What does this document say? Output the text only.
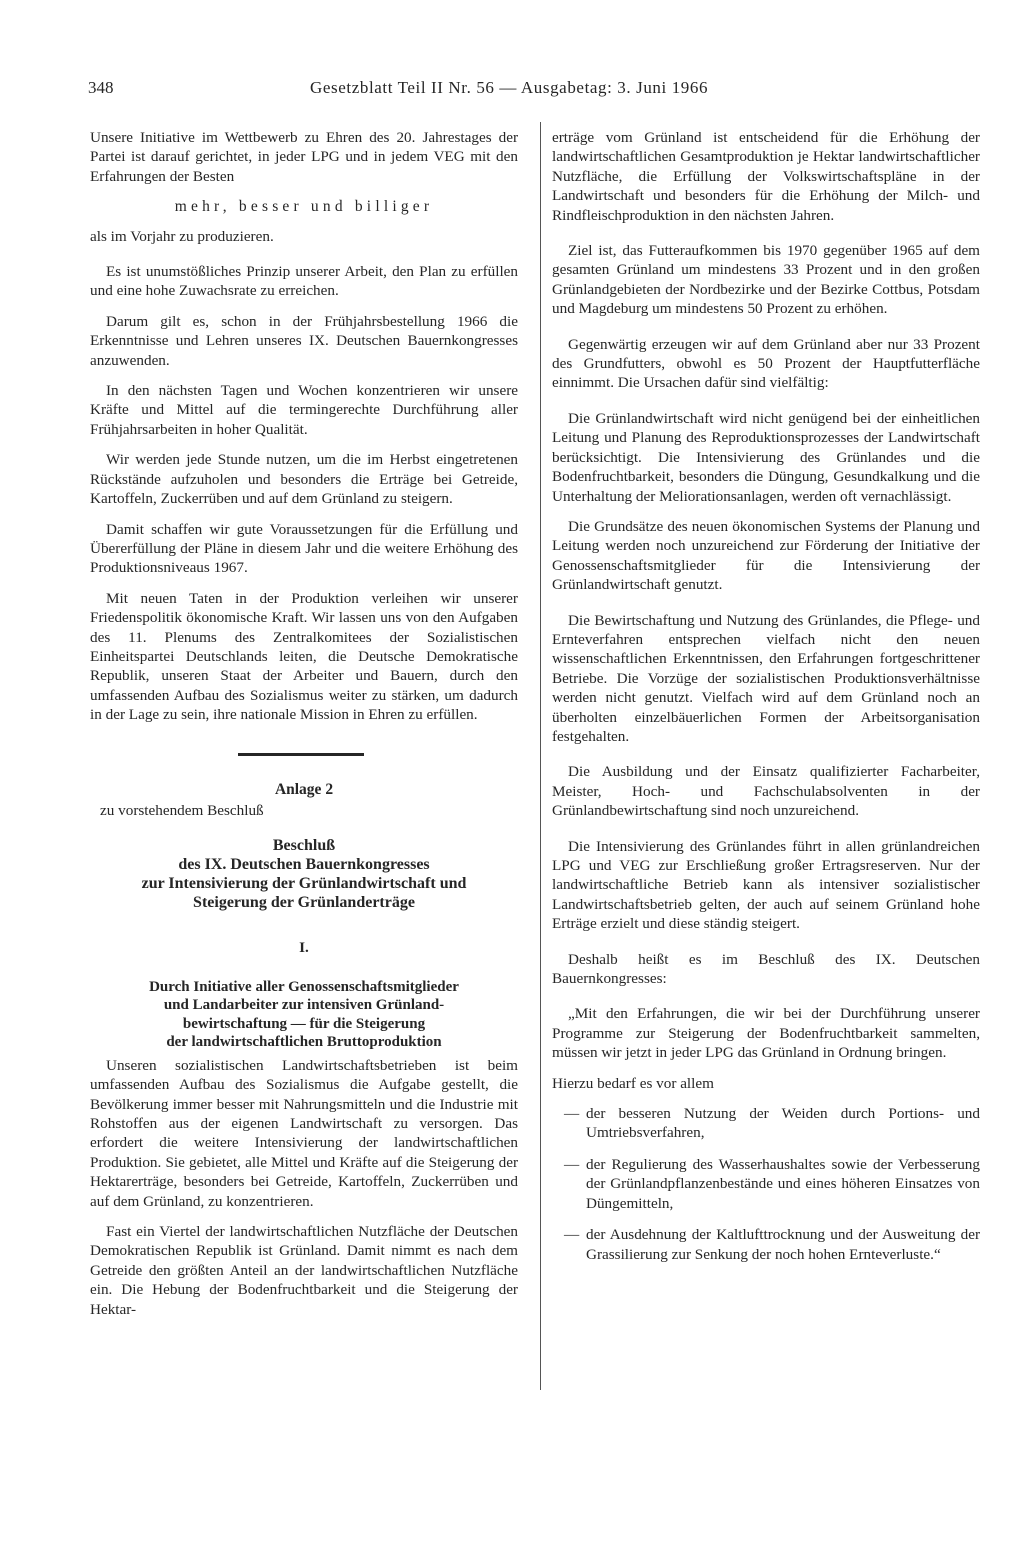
348	Gesetzblatt Teil II Nr. 56 — Ausgabetag: 3. Juni 1966

Unsere Initiative im Wettbewerb zu Ehren des 20. Jahrestages der Partei ist darauf gerichtet, in jeder LPG und in jedem VEG mit den Erfahrungen der Besten

mehr, besser und billiger

als im Vorjahr zu produzieren.

Es ist unumstößliches Prinzip unserer Arbeit, den Plan zu erfüllen und eine hohe Zuwachsrate zu erreichen.

Darum gilt es, schon in der Frühjahrsbestellung 1966 die Erkenntnisse und Lehren unseres IX. Deutschen Bauernkongresses anzuwenden.

In den nächsten Tagen und Wochen konzentrieren wir unsere Kräfte und Mittel auf die termingerechte Durchführung aller Frühjahrsarbeiten in hoher Qualität.

Wir werden jede Stunde nutzen, um die im Herbst eingetretenen Rückstände aufzuholen und besonders die Erträge bei Getreide, Kartoffeln, Zuckerrüben und auf dem Grünland zu steigern.

Damit schaffen wir gute Voraussetzungen für die Erfüllung und Übererfüllung der Pläne in diesem Jahr und die weitere Erhöhung des Produktionsniveaus 1967.

Mit neuen Taten in der Produktion verleihen wir unserer Friedenspolitik ökonomische Kraft. Wir lassen uns von den Aufgaben des 11. Plenums des Zentralkomitees der Sozialistischen Einheitspartei Deutschlands leiten, die Deutsche Demokratische Republik, unseren Staat der Arbeiter und Bauern, durch den umfassenden Aufbau des Sozialismus weiter zu stärken, um dadurch in der Lage zu sein, ihre nationale Mission in Ehren zu erfüllen.

Anlage 2
zu vorstehendem Beschluß
Beschluß
des IX. Deutschen Bauernkongresses
zur Intensivierung der Grünlandwirtschaft und
Steigerung der Grünlanderträge
I.
Durch Initiative aller Genossenschaftsmitglieder
und Landarbeiter zur intensiven Grünland-
bewirtschaftung — für die Steigerung
der landwirtschaftlichen Bruttoproduktion

Unseren sozialistischen Landwirtschaftsbetrieben ist beim umfassenden Aufbau des Sozialismus die Aufgabe gestellt, die Bevölkerung immer besser mit Nahrungsmitteln und die Industrie mit Rohstoffen aus der eigenen Landwirtschaft zu versorgen. Das erfordert die weitere Intensivierung der landwirtschaftlichen Produktion. Sie gebietet, alle Mittel und Kräfte auf die Steigerung der Hektarerträge, besonders bei Getreide, Kartoffeln, Zuckerrüben und auf dem Grünland, zu konzentrieren.

Fast ein Viertel der landwirtschaftlichen Nutzfläche der Deutschen Demokratischen Republik ist Grünland. Damit nimmt es nach dem Getreide den größten Anteil an der landwirtschaftlichen Nutzfläche ein. Die Hebung der Bodenfruchtbarkeit und die Steigerung der Hektar-

erträge vom Grünland ist entscheidend für die Erhöhung der landwirtschaftlichen Gesamtproduktion je Hektar landwirtschaftlicher Nutzfläche, die Erfüllung der Volkswirtschaftspläne in der Landwirtschaft und besonders für die Erhöhung der Milch- und Rindfleischproduktion in den nächsten Jahren.

Ziel ist, das Futteraufkommen bis 1970 gegenüber 1965 auf dem gesamten Grünland um mindestens 33 Prozent und in den großen Grünlandgebieten der Nordbezirke und der Bezirke Cottbus, Potsdam und Magdeburg um mindestens 50 Prozent zu erhöhen.

Gegenwärtig erzeugen wir auf dem Grünland aber nur 33 Prozent des Grundfutters, obwohl es 50 Prozent der Hauptfutterfläche einnimmt. Die Ursachen dafür sind vielfältig:

Die Grünlandwirtschaft wird nicht genügend bei der einheitlichen Leitung und Planung des Reproduktionsprozesses der Landwirtschaft berücksichtigt. Die Intensivierung des Grünlandes und die Bodenfruchtbarkeit, besonders die Düngung, Gesundkalkung und die Unterhaltung der Meliorationsanlagen, werden oft vernachlässigt.

Die Grundsätze des neuen ökonomischen Systems der Planung und Leitung werden noch unzureichend zur Förderung der Initiative der Genossenschaftsmitglieder für die Intensivierung der Grünlandwirtschaft genutzt.

Die Bewirtschaftung und Nutzung des Grünlandes, die Pflege- und Ernteverfahren entsprechen vielfach nicht den neuen wissenschaftlichen Erkenntnissen, den Erfahrungen fortgeschrittener Betriebe. Die Vorzüge der sozialistischen Produktionsverhältnisse werden nicht genutzt. Vielfach wird auf dem Grünland noch an überholten einzelbäuerlichen Formen der Arbeitsorganisation festgehalten.

Die Ausbildung und der Einsatz qualifizierter Facharbeiter, Meister, Hoch- und Fachschulabsolventen in der Grünlandbewirtschaftung sind noch unzureichend.

Die Intensivierung des Grünlandes führt in allen grünlandreichen LPG und VEG zur Erschließung großer Ertragsreserven. Nur der landwirtschaftliche Betrieb kann als intensiver sozialistischer Landwirtschaftsbetrieb gelten, der auch auf seinem Grünland hohe Erträge erzielt und diese ständig steigert.

Deshalb heißt es im Beschluß des IX. Deutschen Bauernkongresses:

„Mit den Erfahrungen, die wir bei der Durchführung unserer Programme zur Steigerung der Bodenfruchtbarkeit sammelten, müssen wir jetzt in jeder LPG das Grünland in Ordnung bringen.

Hierzu bedarf es vor allem

— der besseren Nutzung der Weiden durch Portions- und Umtriebsverfahren,
— der Regulierung des Wasserhaushaltes sowie der Verbesserung der Grünlandpflanzenbestände und eines höheren Einsatzes von Düngemitteln,
— der Ausdehnung der Kaltlufttrocknung und der Ausweitung der Grassilierung zur Senkung der noch hohen Ernteverluste.“
